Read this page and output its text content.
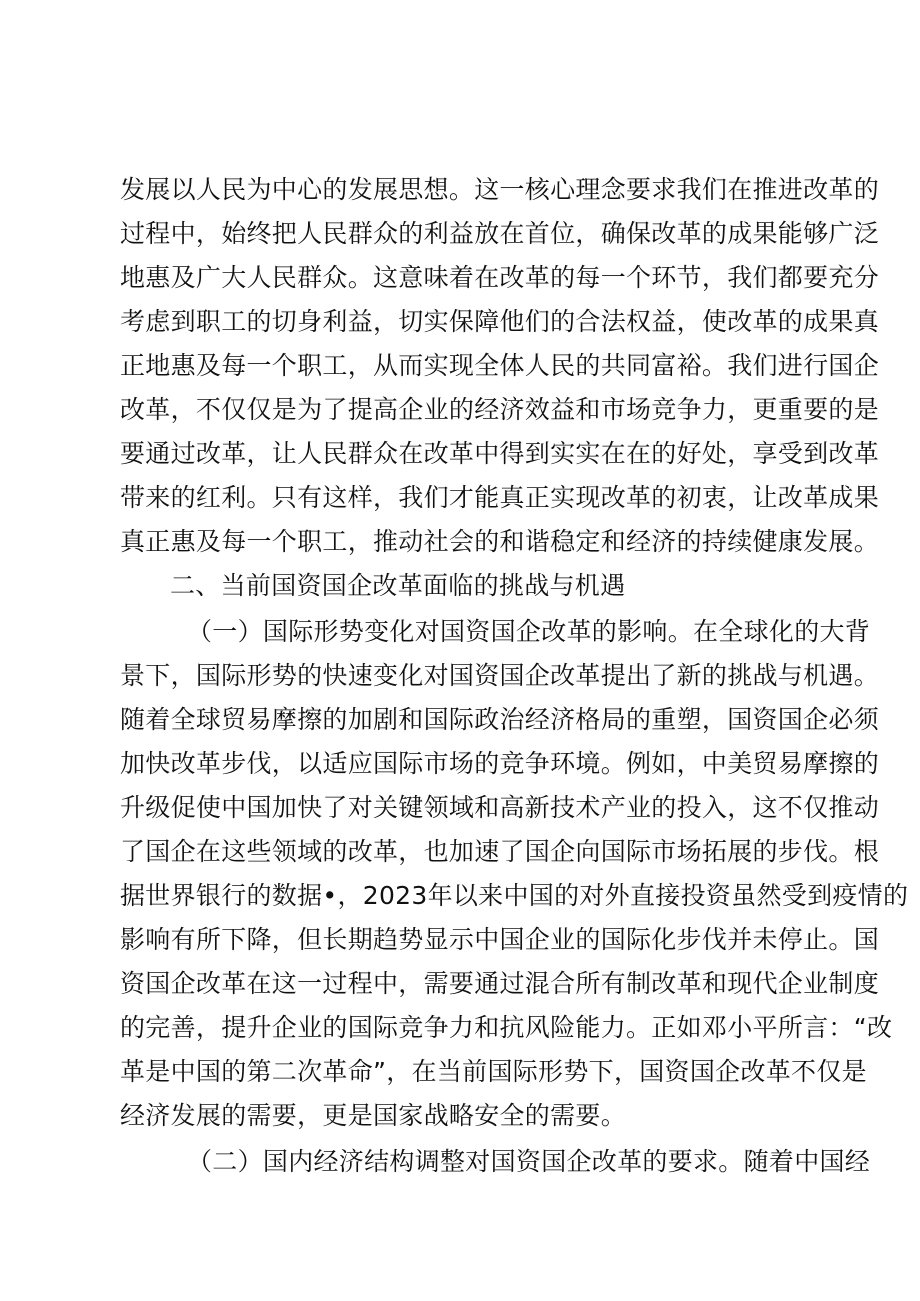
发展以人民为中心的发展思想。这一核心理念要求我们在推进改革的
过程中，始终把人民群众的利益放在首位，确保改革的成果能够广泛
地惠及广大人民群众。这意味着在改革的每一个环节，我们都要充分
考虑到职工的切身利益，切实保障他们的合法权益，使改革的成果真
正地惠及每一个职工，从而实现全体人民的共同富裕。我们进行国企
改革，不仅仅是为了提高企业的经济效益和市场竞争力，更重要的是
要通过改革，让人民群众在改革中得到实实在在的好处，享受到改革
带来的红利。只有这样，我们才能真正实现改革的初衷，让改革成果
真正惠及每一个职工，推动社会的和谐稳定和经济的持续健康发展。
二、当前国资国企改革面临的挑战与机遇
（一）国际形势变化对国资国企改革的影响。在全球化的大背
景下，国际形势的快速变化对国资国企改革提出了新的挑战与机遇。
随着全球贸易摩擦的加剧和国际政治经济格局的重塑，国资国企必须
加快改革步伐，以适应国际市场的竞争环境。例如，中美贸易摩擦的
升级促使中国加快了对关键领域和高新技术产业的投入，这不仅推动
了国企在这些领域的改革，也加速了国企向国际市场拓展的步伐。根
据世界银行的数据•，2023年以来中国的对外直接投资虽然受到疫情的
影响有所下降，但长期趋势显示中国企业的国际化步伐并未停止。国
资国企改革在这一过程中，需要通过混合所有制改革和现代企业制度
的完善，提升企业的国际竞争力和抗风险能力。正如邓小平所言：“改
革是中国的第二次革命”，在当前国际形势下，国资国企改革不仅是
经济发展的需要，更是国家战略安全的需要。
（二）国内经济结构调整对国资国企改革的要求。随着中国经
